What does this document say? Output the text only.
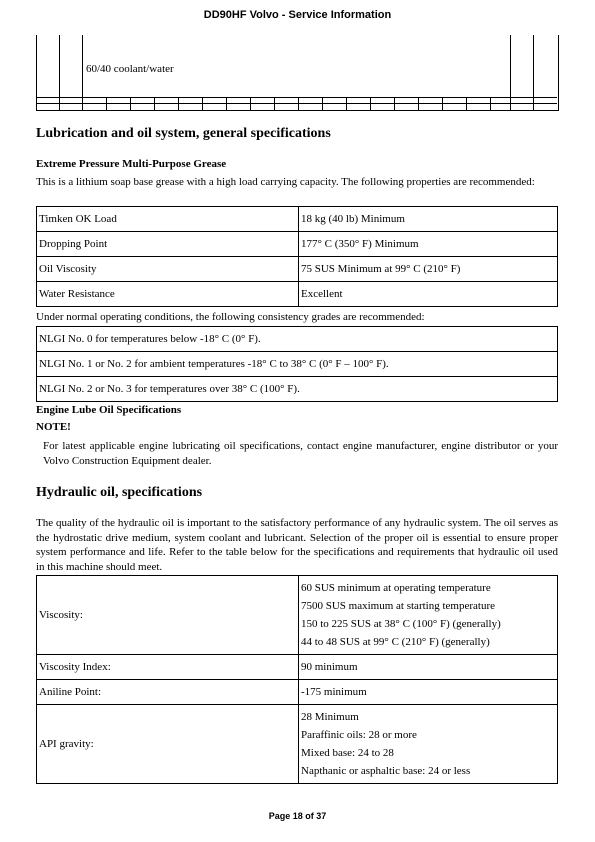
DD90HF Volvo - Service Information
60/40 coolant/water
Lubrication and oil system, general specifications
Extreme Pressure Multi-Purpose Grease

This is a lithium soap base grease with a high load carrying capacity. The following properties are recommended:

Timken OK Load	18 kg (40 lb) Minimum
Dropping Point	177° C (350° F) Minimum
Oil Viscosity	75 SUS Minimum at 99° C (210° F)
Water Resistance	Excellent

Under normal operating conditions, the following consistency grades are recommended:

NLGI No. 0 for temperatures below -18° C (0° F).
NLGI No. 1 or No. 2 for ambient temperatures -18° C to 38° C (0° F – 100° F).
NLGI No. 2 or No. 3 for temperatures over 38° C (100° F).
Engine Lube Oil Specifications
NOTE!

For latest applicable engine lubricating oil specifications, contact engine manufacturer, engine distributor or your Volvo Construction Equipment dealer.

Hydraulic oil, specifications

The quality of the hydraulic oil is important to the satisfactory performance of any hydraulic system. The oil serves as the hydrostatic drive medium, system coolant and lubricant. Selection of the proper oil is essential to ensure proper system performance and life. Refer to the table below for the specifications and requirements that hydraulic oil used in this machine should meet.

Viscosity:	60 SUS minimum at operating temperature
7500 SUS maximum at starting temperature
150 to 225 SUS at 38° C (100° F) (generally)
44 to 48 SUS at 99° C (210° F) (generally)

Viscosity Index:	90 minimum
Aniline Point:	-175 minimum
API gravity:	28 Minimum
Paraffinic oils: 28 or more
Mixed base: 24 to 28
Napthanic or asphaltic base: 24 or less
Page 18 of 37
